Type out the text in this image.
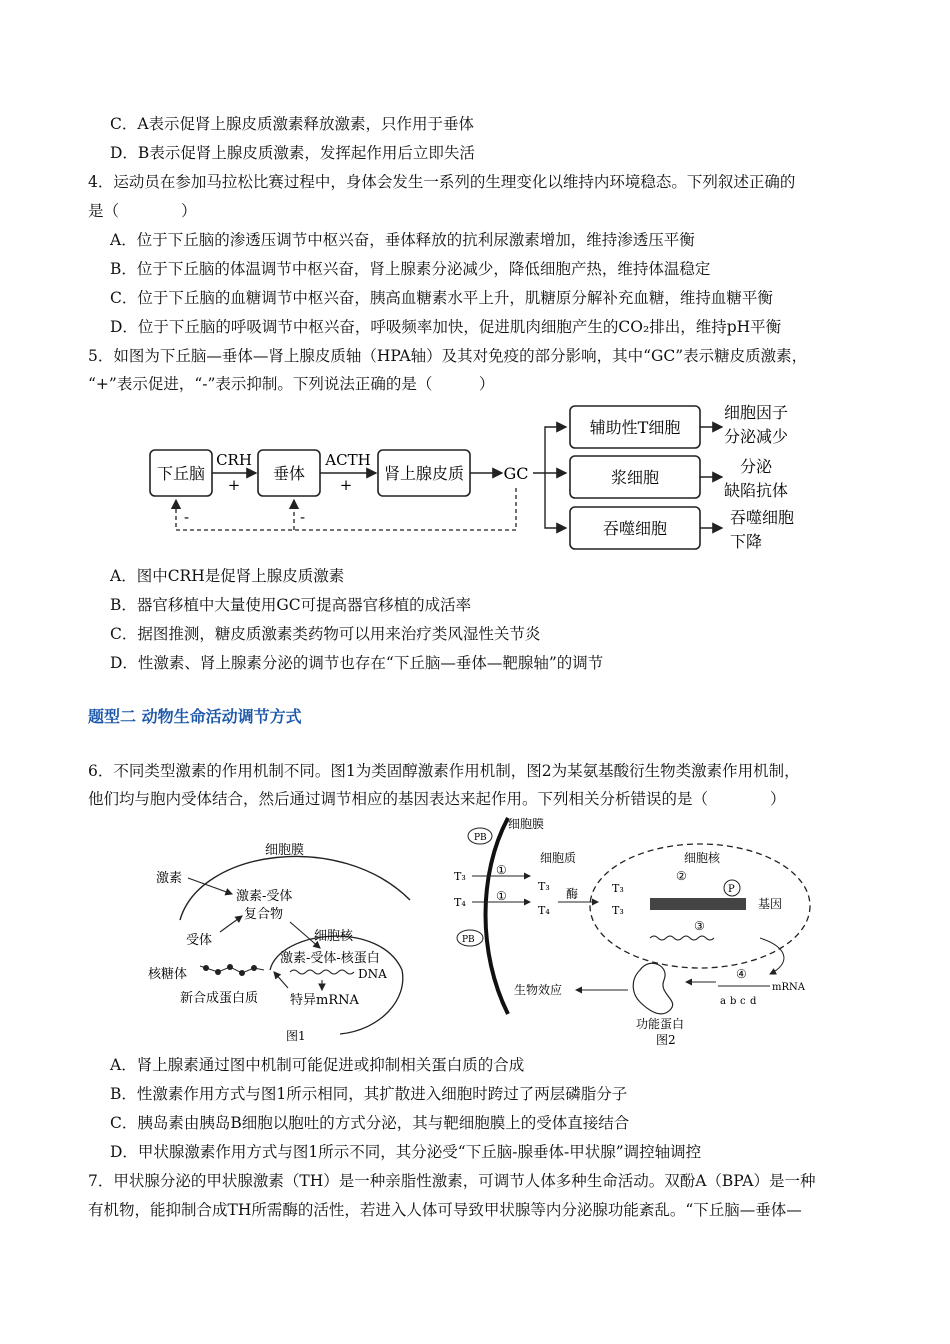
C．A表示促肾上腺皮质激素释放激素，只作用于垂体
D．B表示促肾上腺皮质激素，发挥起作用后立即失活
4．运动员在参加马拉松比赛过程中，身体会发生一系列的生理变化以维持内环境稳态。下列叙述正确的
是（　　　　）
A．位于下丘脑的渗透压调节中枢兴奋，垂体释放的抗利尿激素增加，维持渗透压平衡
B．位于下丘脑的体温调节中枢兴奋，肾上腺素分泌减少，降低细胞产热，维持体温稳定
C．位于下丘脑的血糖调节中枢兴奋，胰高血糖素水平上升，肌糖原分解补充血糖，维持血糖平衡
D．位于下丘脑的呼吸调节中枢兴奋，呼吸频率加快，促进肌肉细胞产生的CO₂排出，维持pH平衡
5．如图为下丘脑—垂体—肾上腺皮质轴（HPA轴）及其对免疫的部分影响，其中“GC”表示糖皮质激素，
“+”表示促进，“-”表示抑制。下列说法正确的是（　　　）
下丘脑	垂体	肾上腺皮质
CRH
+
ACTH
+
GC
-	-
辅助性T细胞
浆细胞
吞噬细胞
细胞因子
分泌减少
分泌
缺陷抗体
吞噬细胞
下降
A．图中CRH是促肾上腺皮质激素
B．器官移植中大量使用GC可提高器官移植的成活率
C．据图推测，糖皮质激素类药物可以用来治疗类风湿性关节炎
D．性激素、肾上腺素分泌的调节也存在“下丘脑—垂体—靶腺轴”的调节
题型二 动物生命活动调节方式
6．不同类型激素的作用机制不同。图1为类固醇激素作用机制，图2为某氨基酸衍生物类激素作用机制，
他们均与胞内受体结合，然后通过调节相应的基因表达来起作用。下列相关分析错误的是（　　　　）
细胞膜
激素
激素-受体
复合物
受体	细胞核
激素-受体-核蛋白
DNA
特异mRNA
核糖体
新合成蛋白质
图1
细胞膜
PB
PB
T₃
T₄
①
①
细胞质
T₃
T₄
酶
细胞核
②
T₃
T₃
P
基因
③
④
mRNA
a b c d
功能蛋白
生物效应
图2
A．肾上腺素通过图中机制可能促进或抑制相关蛋白质的合成
B．性激素作用方式与图1所示相同，其扩散进入细胞时跨过了两层磷脂分子
C．胰岛素由胰岛B细胞以胞吐的方式分泌，其与靶细胞膜上的受体直接结合
D．甲状腺激素作用方式与图1所示不同，其分泌受“下丘脑-腺垂体-甲状腺”调控轴调控
7．甲状腺分泌的甲状腺激素（TH）是一种亲脂性激素，可调节人体多种生命活动。双酚A（BPA）是一种
有机物，能抑制合成TH所需酶的活性，若进入人体可导致甲状腺等内分泌腺功能紊乱。“下丘脑—垂体—
